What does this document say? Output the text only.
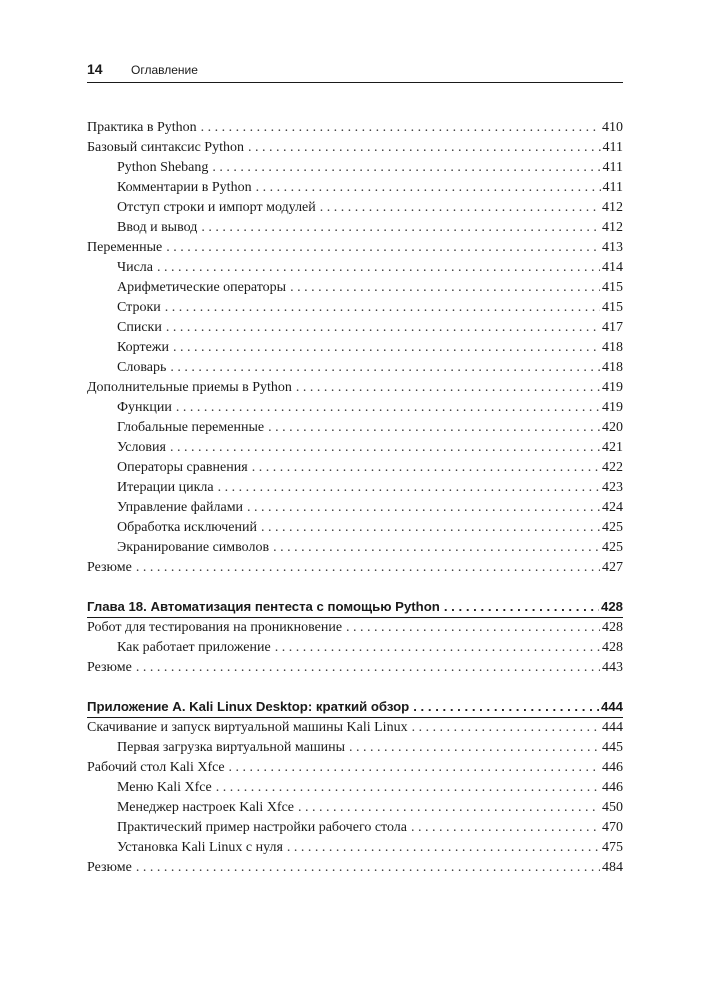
14 Оглавление
Практика в Python . . .	410
Базовый синтаксис Python . . .	411
Python Shebang . . .	411
Комментарии в Python . . .	411
Отступ строки и импорт модулей . . .	412
Ввод и вывод . . .	412
Переменные . . .	413
Числа . . .	414
Арифметические операторы . . .	415
Строки . . .	415
Списки . . .	417
Кортежи . . .	418
Словарь . . .	418
Дополнительные приемы в Python . . .	419
Функции . . .	419
Глобальные переменные . . .	420
Условия . . .	421
Операторы сравнения . . .	422
Итерации цикла . . .	423
Управление файлами . . .	424
Обработка исключений . . .	425
Экранирование символов . . .	425
Резюме . . .	427
Глава 18. Автоматизация пентеста с помощью Python . . .	428
Робот для тестирования на проникновение . . .	428
Как работает приложение . . .	428
Резюме . . .	443
Приложение А. Kali Linux Desktop: краткий обзор . . .	444
Скачивание и запуск виртуальной машины Kali Linux . . .	444
Первая загрузка виртуальной машины . . .	445
Рабочий стол Kali Xfce . . .	446
Меню Kali Xfce . . .	446
Менеджер настроек Kali Xfce . . .	450
Практический пример настройки рабочего стола . . .	470
Установка Kali Linux с нуля . . .	475
Резюме . . .	484
